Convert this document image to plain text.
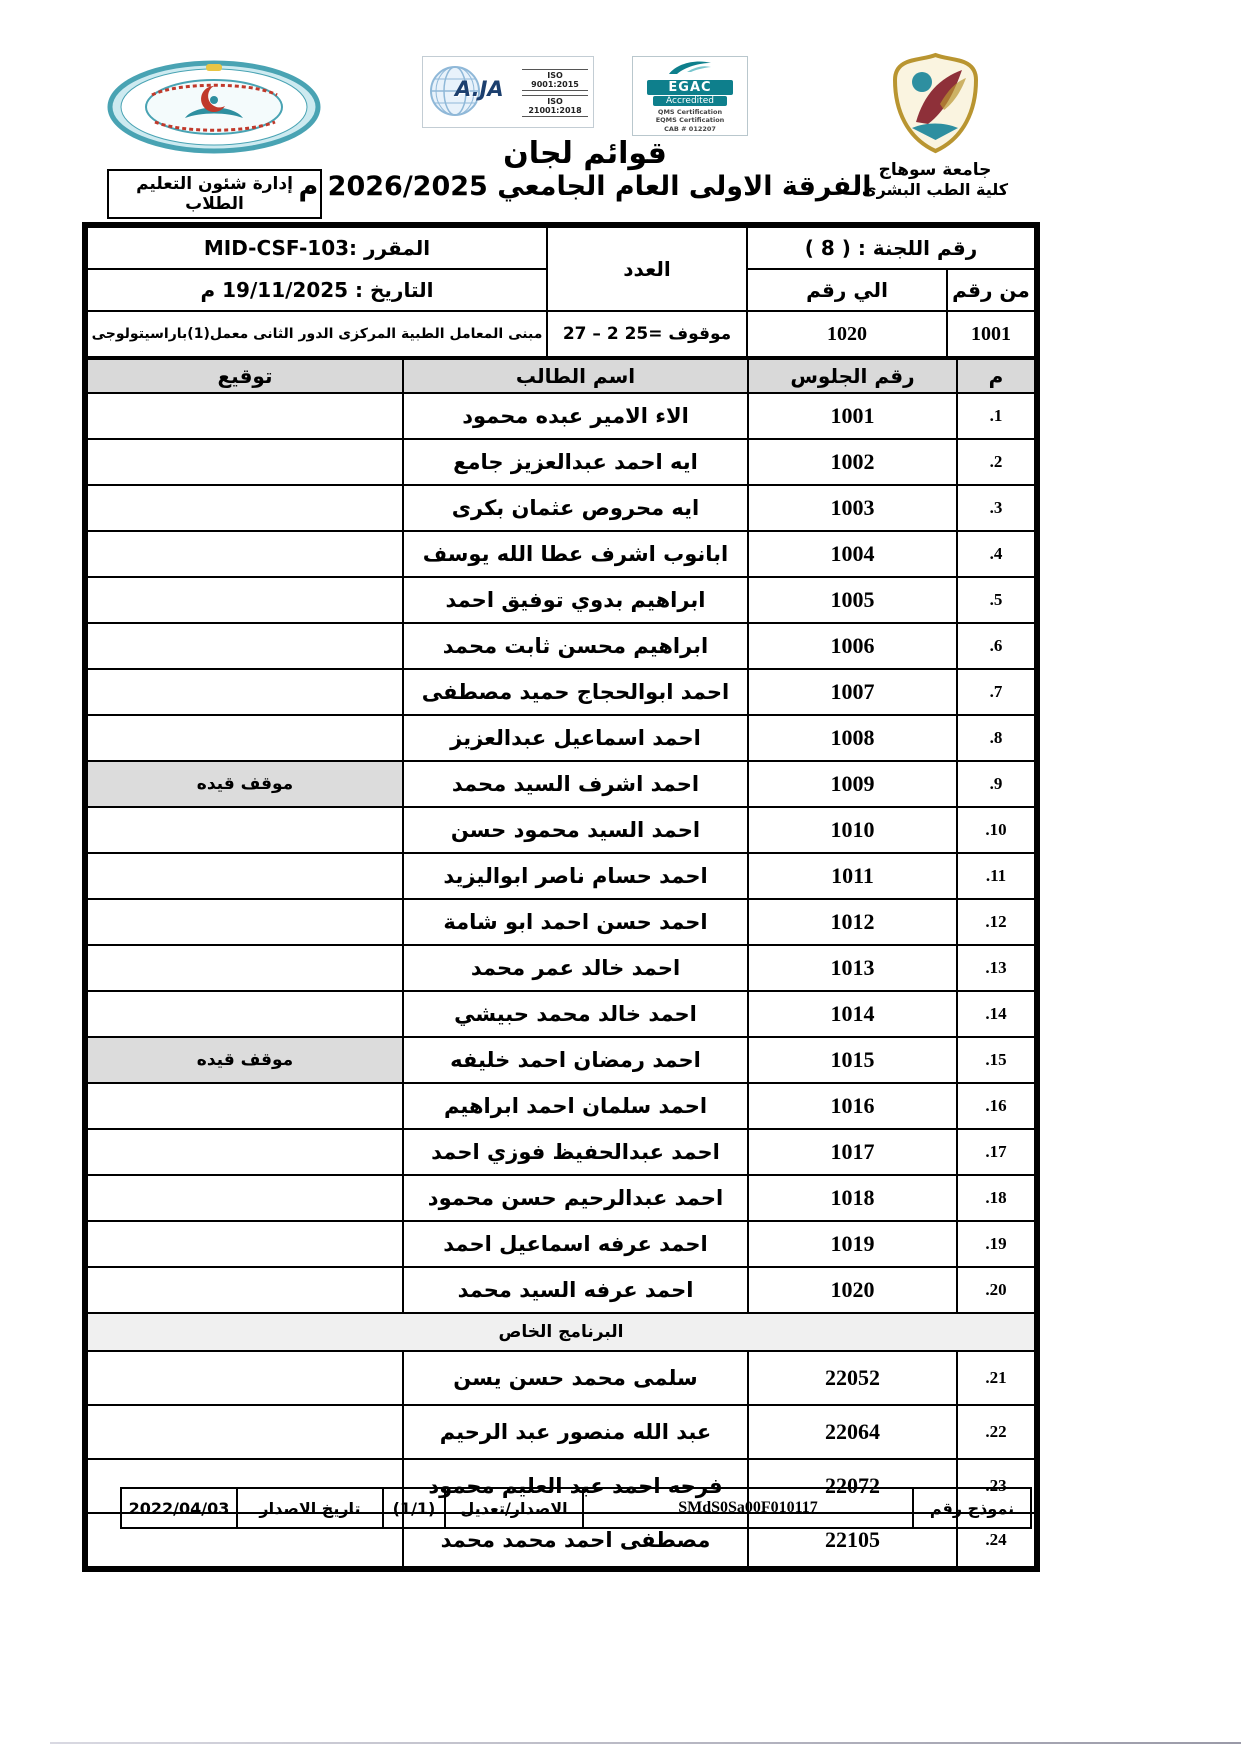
إدارة شئون التعليم الطلاب
EGAC
Accredited
QMS Certification
EQMS Certification
CAB # 012207
A.JA
ISO 9001:2015
ISO 21001:2018
قوائم لجان
الفرقة الاولى العام الجامعي 2026/2025 م
جامعة سوهاج
كلية الطب البشرى
رقم اللجنة : ( 8 )		العدد	المقرر :MID-CSF-103
من رقم	الي رقم		التاريخ : 19/11/2025 م
1001	1020	27 – 2 موقوف =25	مبنى المعامل الطبية المركزى الدور الثانى معمل(1)باراسيتولوجى
م	رقم الجلوس	اسم الطالب	توقيع
1.	1001	الاء الامير عبده محمود	
2.	1002	ايه احمد عبدالعزيز جامع	
3.	1003	ايه محروص عثمان بكرى	
4.	1004	ابانوب اشرف عطا الله يوسف	
5.	1005	ابراهيم بدوي توفيق احمد	
6.	1006	ابراهيم محسن ثابت محمد	
7.	1007	احمد ابوالحجاج حميد مصطفى	
8.	1008	احمد اسماعيل عبدالعزيز	
9.	1009	احمد اشرف السيد محمد	موقف قيده
10.	1010	احمد السيد محمود حسن	
11.	1011	احمد حسام ناصر ابواليزيد	
12.	1012	احمد حسن احمد ابو شامة	
13.	1013	احمد خالد عمر محمد	
14.	1014	احمد خالد محمد حبيشي	
15.	1015	احمد رمضان احمد خليفه	موقف قيده
16.	1016	احمد سلمان احمد ابراهيم	
17.	1017	احمد عبدالحفيظ فوزي احمد	
18.	1018	احمد عبدالرحيم حسن محمود	
19.	1019	احمد عرفه اسماعيل احمد	
20.	1020	احمد عرفه السيد محمد	
البرنامج الخاص			
21.	22052	سلمى محمد حسن يسن	
22.	22064	عبد الله منصور عبد الرحيم	
23.	22072	فرحه احمد عبد العليم محمود	
24.	22105	مصطفى احمد محمد محمد	
نموذج رقم	SMdS0Sa00F010117	الاصدار/تعديل	(1/1)	تاريخ الاصدار	2022/04/03
